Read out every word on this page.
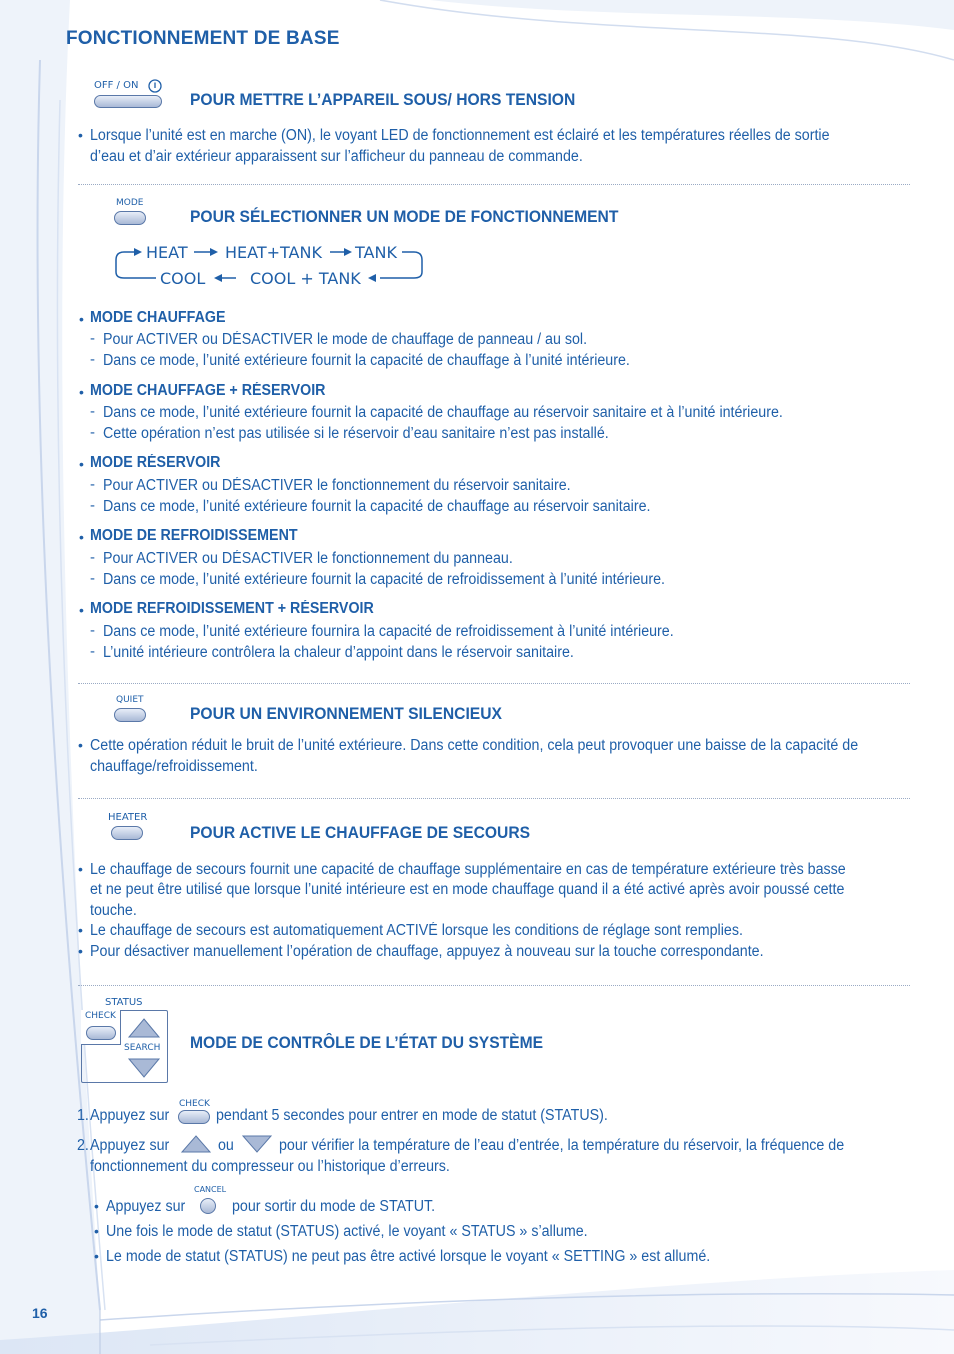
FONCTIONNEMENT DE BASE
OFF / ON
POUR METTRE L’APPAREIL SOUS/ HORS TENSION
• Lorsque l’unité est en marche (ON), le voyant LED de fonctionnement est éclairé et les températures réelles de sortie
d’eau et d’air extérieur apparaissent sur l’afficheur du panneau de commande.
MODE
POUR SÉLECTIONNER UN MODE DE FONCTIONNEMENT
HEAT HEAT+TANK TANK
COOL	COOL + TANK
• MODE CHAUFFAGE
- Pour ACTIVER ou DÉSACTIVER le mode de chauffage de panneau / au sol.
- Dans ce mode, l’unité extérieure fournit la capacité de chauffage à l’unité intérieure.
• MODE CHAUFFAGE + RÉSERVOIR
- Dans ce mode, l’unité extérieure fournit la capacité de chauffage au réservoir sanitaire et à l’unité intérieure.
- Cette opération n’est pas utilisée si le réservoir d’eau sanitaire n’est pas installé.
• MODE RÉSERVOIR
- Pour ACTIVER ou DÉSACTIVER le fonctionnement du réservoir sanitaire.
- Dans ce mode, l’unité extérieure fournit la capacité de chauffage au réservoir sanitaire.
• MODE DE REFROIDISSEMENT
- Pour ACTIVER ou DÉSACTIVER le fonctionnement du panneau.
- Dans ce mode, l’unité extérieure fournit la capacité de refroidissement à l’unité intérieure.
• MODE REFROIDISSEMENT + RÉSERVOIR
- Dans ce mode, l’unité extérieure fournira la capacité de refroidissement à l’unité intérieure.
- L’unité intérieure contrôlera la chaleur d’appoint dans le réservoir sanitaire.
QUIET
POUR UN ENVIRONNEMENT SILENCIEUX
• Cette opération réduit le bruit de l’unité extérieure. Dans cette condition, cela peut provoquer une baisse de la capacité de
chauffage/refroidissement.
HEATER
POUR ACTIVE LE CHAUFFAGE DE SECOURS
• Le chauffage de secours fournit une capacité de chauffage supplémentaire en cas de température extérieure très basse
et ne peut être utilisé que lorsque l’unité intérieure est en mode chauffage quand il a été activé après avoir poussé cette
touche.
• Le chauffage de secours est automatiquement ACTIVÉ lorsque les conditions de réglage sont remplies.
• Pour désactiver manuellement l’opération de chauffage, appuyez à nouveau sur la touche correspondante.
STATUS
CHECK
SEARCH MODE DE CONTRÔLE DE L’ÉTAT DU SYSTÈME
1. Appuyez sur
CHECK
pendant 5 secondes pour entrer en mode de statut (STATUS).
2. Appuyez sur	ou	pour vérifier la température de l’eau d’entrée, la température du réservoir, la fréquence de
fonctionnement du compresseur ou l’historique d’erreurs.
• Appuyez sur
CANCEL
pour sortir du mode de STATUT.
• Une fois le mode de statut (STATUS) activé, le voyant « STATUS » s’allume.
• Le mode de statut (STATUS) ne peut pas être activé lorsque le voyant « SETTING » est allumé.
16
